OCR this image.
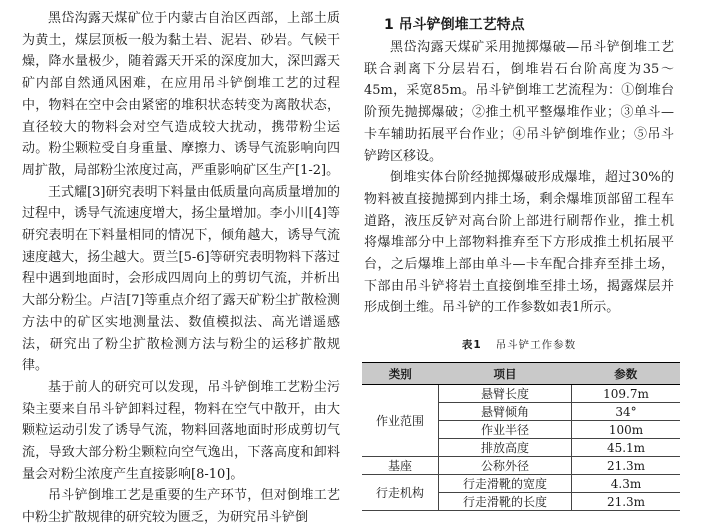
黑岱沟露天煤矿位于内蒙古自治区西部，上部土质为黄土，煤层顶板一般为黏土岩、泥岩、砂岩。气候干燥，降水量极少，随着露天开采的深度加大，深凹露天矿内部自然通风困难，在应用吊斗铲倒堆工艺的过程中，物料在空中会由紧密的堆积状态转变为离散状态，直径较大的物料会对空气造成较大扰动，携带粉尘运动。粉尘颗粒受自身重量、摩擦力、诱导气流影响向四周扩散，局部粉尘浓度过高，严重影响矿区生产[1-2]。

王式耀[3]研究表明下料量由低质量向高质量增加的过程中，诱导气流速度增大，扬尘量增加。李小川[4]等研究表明在下料量相同的情况下，倾角越大，诱导气流速度越大，扬尘越大。贾兰[5-6]等研究表明物料下落过程中遇到地面时，会形成四周向上的剪切气流，并析出大部分粉尘。卢洁[7]等重点介绍了露天矿粉尘扩散检测方法中的矿区实地测量法、数值模拟法、高光谱遥感法，研究出了粉尘扩散检测方法与粉尘的运移扩散规律。

基于前人的研究可以发现，吊斗铲倒堆工艺粉尘污染主要来自吊斗铲卸料过程，物料在空气中散开，由大颗粒运动引发了诱导气流，物料回落地面时形成剪切气流，导致大部分粉尘颗粒向空气逸出，下落高度和卸料量会对粉尘浓度产生直接影响[8-10]。

吊斗铲倒堆工艺是重要的生产环节，但对倒堆工艺中粉尘扩散规律的研究较为匮乏，为研究吊斗铲倒

1 吊斗铲倒堆工艺特点

黑岱沟露天煤矿采用抛掷爆破—吊斗铲倒堆工艺联合剥离下分层岩石，倒堆岩石台阶高度为35～45m，采宽85m。吊斗铲倒堆工艺流程为：①倒堆台阶预先抛掷爆破；②推土机平整爆堆作业；③单斗—卡车辅助拓展平台作业；④吊斗铲倒堆作业；⑤吊斗铲跨区移设。

倒堆实体台阶经抛掷爆破形成爆堆，超过30%的物料被直接抛掷到内排土场，剩余爆堆顶部留工程车道路，液压反铲对高台阶上部进行刷帮作业，推土机将爆堆部分中上部物料推弃至下方形成推土机拓展平台，之后爆堆上部由单斗—卡车配合排弃至排土场，下部由吊斗铲将岩土直接倒堆至排土场，揭露煤层并形成倒土维。吊斗铲的工作参数如表1所示。

表1 吊斗铲工作参数
类别	项目	参数
作业范围	悬臂长度	109.7m
	悬臂倾角	34°
	作业半径	100m
	排放高度	45.1m
基座	公称外径	21.3m
行走机构	行走滑靴的宽度	4.3m
	行走滑靴的长度	21.3m
